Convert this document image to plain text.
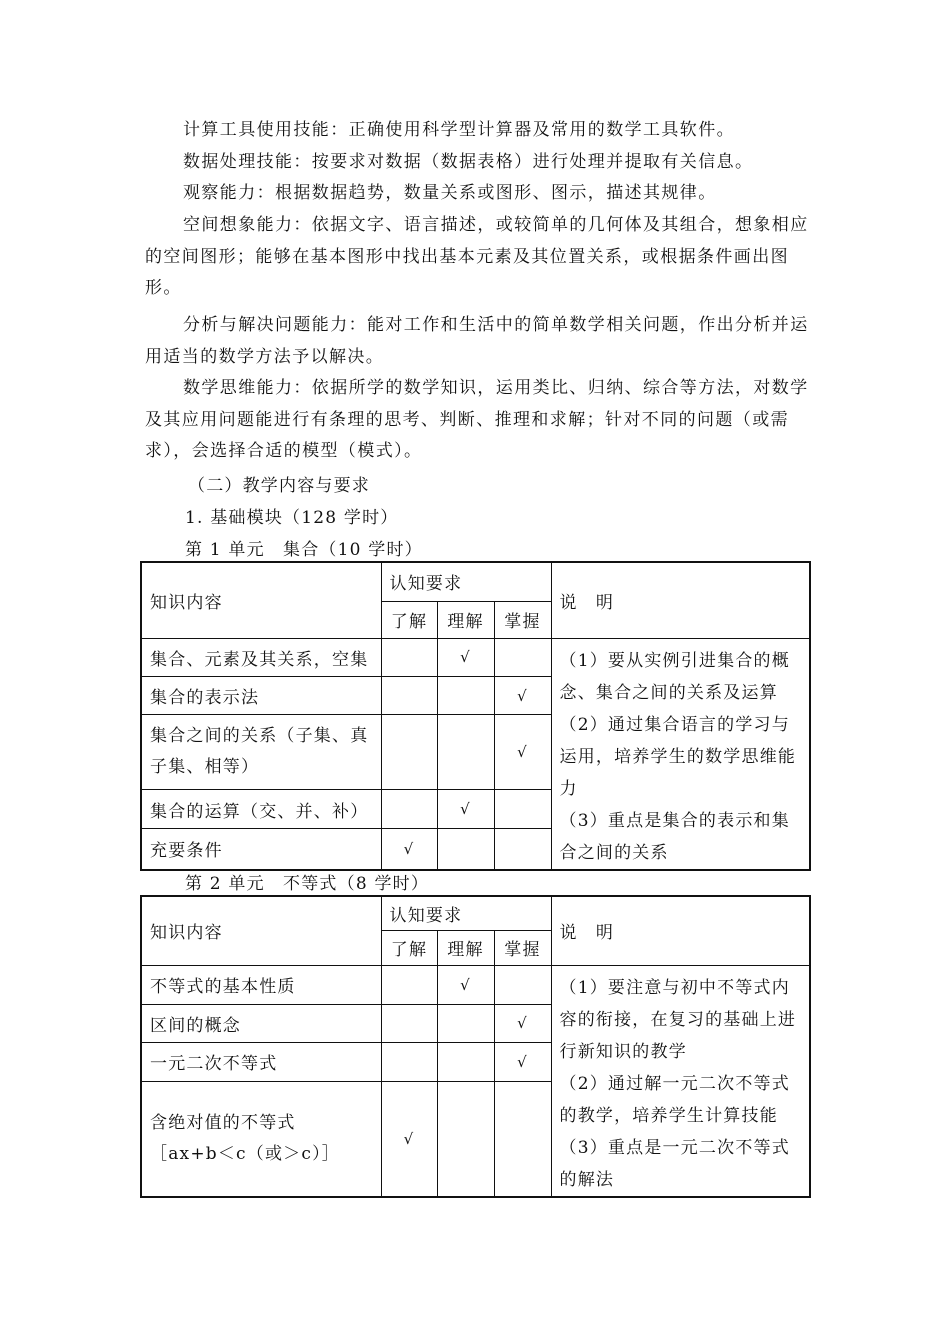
计算工具使用技能：正确使用科学型计算器及常用的数学工具软件。

数据处理技能：按要求对数据（数据表格）进行处理并提取有关信息。

观察能力：根据数据趋势，数量关系或图形、图示，描述其规律。

空间想象能力：依据文字、语言描述，或较简单的几何体及其组合，想象相应的空间图形；能够在基本图形中找出基本元素及其位置关系，或根据条件画出图形。

分析与解决问题能力：能对工作和生活中的简单数学相关问题，作出分析并运用适当的数学方法予以解决。

数学思维能力：依据所学的数学知识，运用类比、归纳、综合等方法，对数学及其应用问题能进行有条理的思考、判断、推理和求解；针对不同的问题（或需求），会选择合适的模型（模式）。

（二）教学内容与要求

1. 基础模块（128 学时）

第 1 单元　集合（10 学时）

知识内容	认知要求			说　明
	了解	理解	掌握	
集合、元素及其关系，空集		√		（1）要从实例引进集合的概念、集合之间的关系及运算
（2）通过集合语言的学习与运用，培养学生的数学思维能力
（3）重点是集合的表示和集合之间的关系

集合的表示法			√	
集合之间的关系（子集、真子集、相等）			√	
集合的运算（交、并、补）		√		
充要条件	√			

第 2 单元　不等式（8 学时）

知识内容	认知要求			说　明
	了解	理解	掌握	
不等式的基本性质		√		（1）要注意与初中不等式内容的衔接，在复习的基础上进行新知识的教学
（2）通过解一元二次不等式的教学，培养学生计算技能
（3）重点是一元二次不等式的解法

区间的概念			√	
一元二次不等式			√	

含绝对值的不等式
［ax+b＜c（或＞c）］	√			
